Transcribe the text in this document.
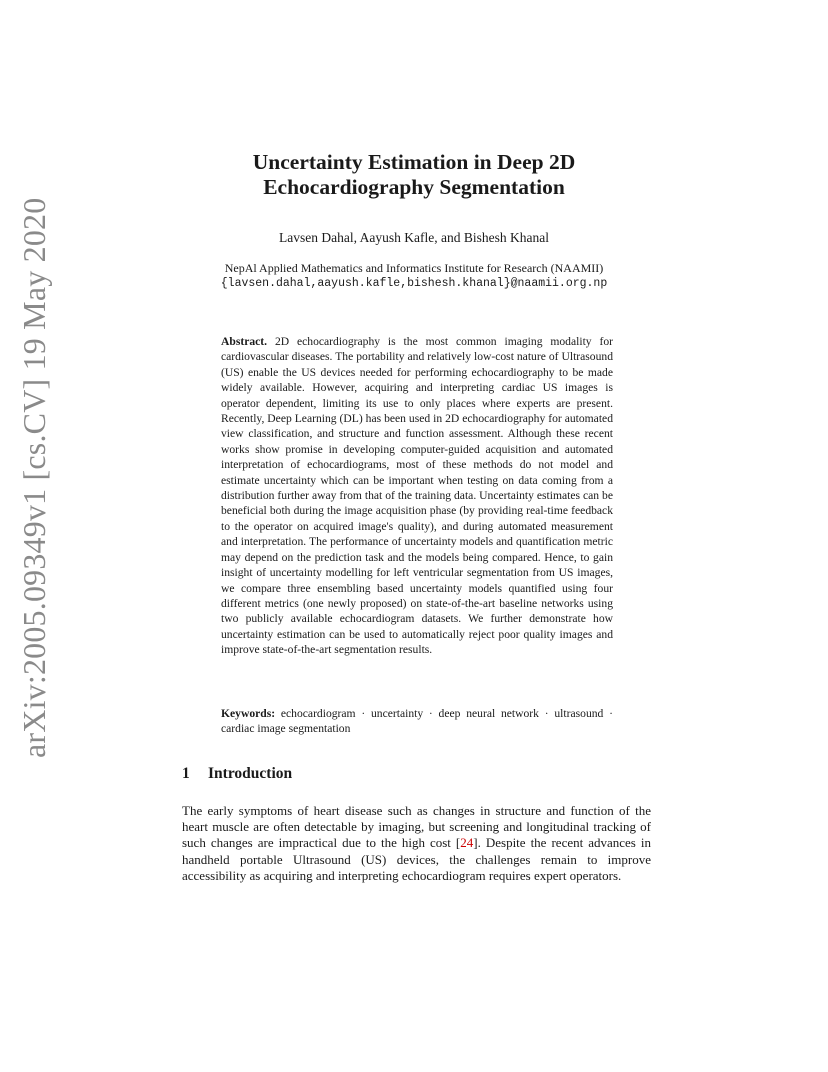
arXiv:2005.09349v1 [cs.CV] 19 May 2020
Uncertainty Estimation in Deep 2D Echocardiography Segmentation
Lavsen Dahal, Aayush Kafle, and Bishesh Khanal
NepAl Applied Mathematics and Informatics Institute for Research (NAAMII)
{lavsen.dahal,aayush.kafle,bishesh.khanal}@naamii.org.np
Abstract. 2D echocardiography is the most common imaging modality for cardiovascular diseases. The portability and relatively low-cost nature of Ultrasound (US) enable the US devices needed for performing echocardiography to be made widely available. However, acquiring and interpreting cardiac US images is operator dependent, limiting its use to only places where experts are present. Recently, Deep Learning (DL) has been used in 2D echocardiography for automated view classification, and structure and function assessment. Although these recent works show promise in developing computer-guided acquisition and automated interpretation of echocardiograms, most of these methods do not model and estimate uncertainty which can be important when testing on data coming from a distribution further away from that of the training data. Uncertainty estimates can be beneficial both during the image acquisition phase (by providing real-time feedback to the operator on acquired image's quality), and during automated measurement and interpretation. The performance of uncertainty models and quantification metric may depend on the prediction task and the models being compared. Hence, to gain insight of uncertainty modelling for left ventricular segmentation from US images, we compare three ensembling based uncertainty models quantified using four different metrics (one newly proposed) on state-of-the-art baseline networks using two publicly available echocardiogram datasets. We further demonstrate how uncertainty estimation can be used to automatically reject poor quality images and improve state-of-the-art segmentation results.
Keywords: echocardiogram · uncertainty · deep neural network · ultrasound · cardiac image segmentation
1 Introduction
The early symptoms of heart disease such as changes in structure and function of the heart muscle are often detectable by imaging, but screening and longitudinal tracking of such changes are impractical due to the high cost [24]. Despite the recent advances in handheld portable Ultrasound (US) devices, the challenges remain to improve accessibility as acquiring and interpreting echocardiogram requires expert operators.
